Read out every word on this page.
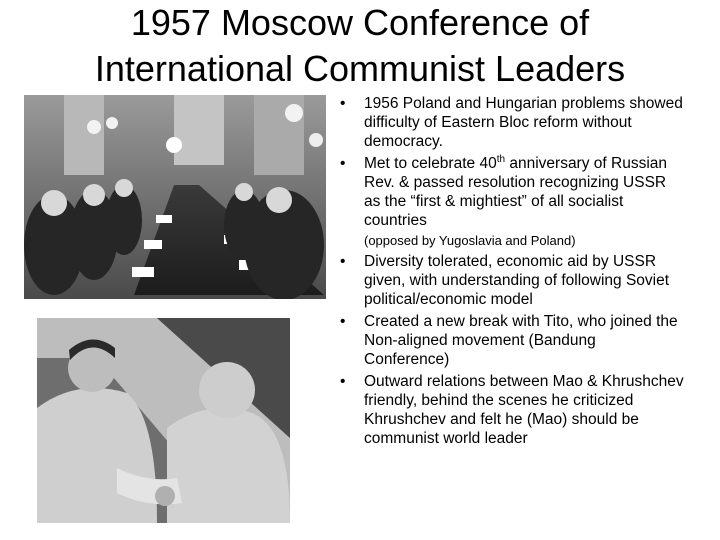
1957 Moscow Conference of
International Communist Leaders
• 1956 Poland and Hungarian problems showed difficulty of Eastern Bloc reform without democracy.
• Met to celebrate 40th anniversary of Russian Rev. & passed resolution recognizing USSR as the “first & mightiest” of all socialist countries
(opposed by Yugoslavia and Poland)
• Diversity tolerated, economic aid by USSR given, with understanding of following Soviet political/economic model
• Created a new break with Tito, who joined the Non-aligned movement (Bandung Conference)
• Outward relations between Mao & Khrushchev friendly, behind the scenes he criticized Khrushchev and felt he (Mao) should be communist world leader
